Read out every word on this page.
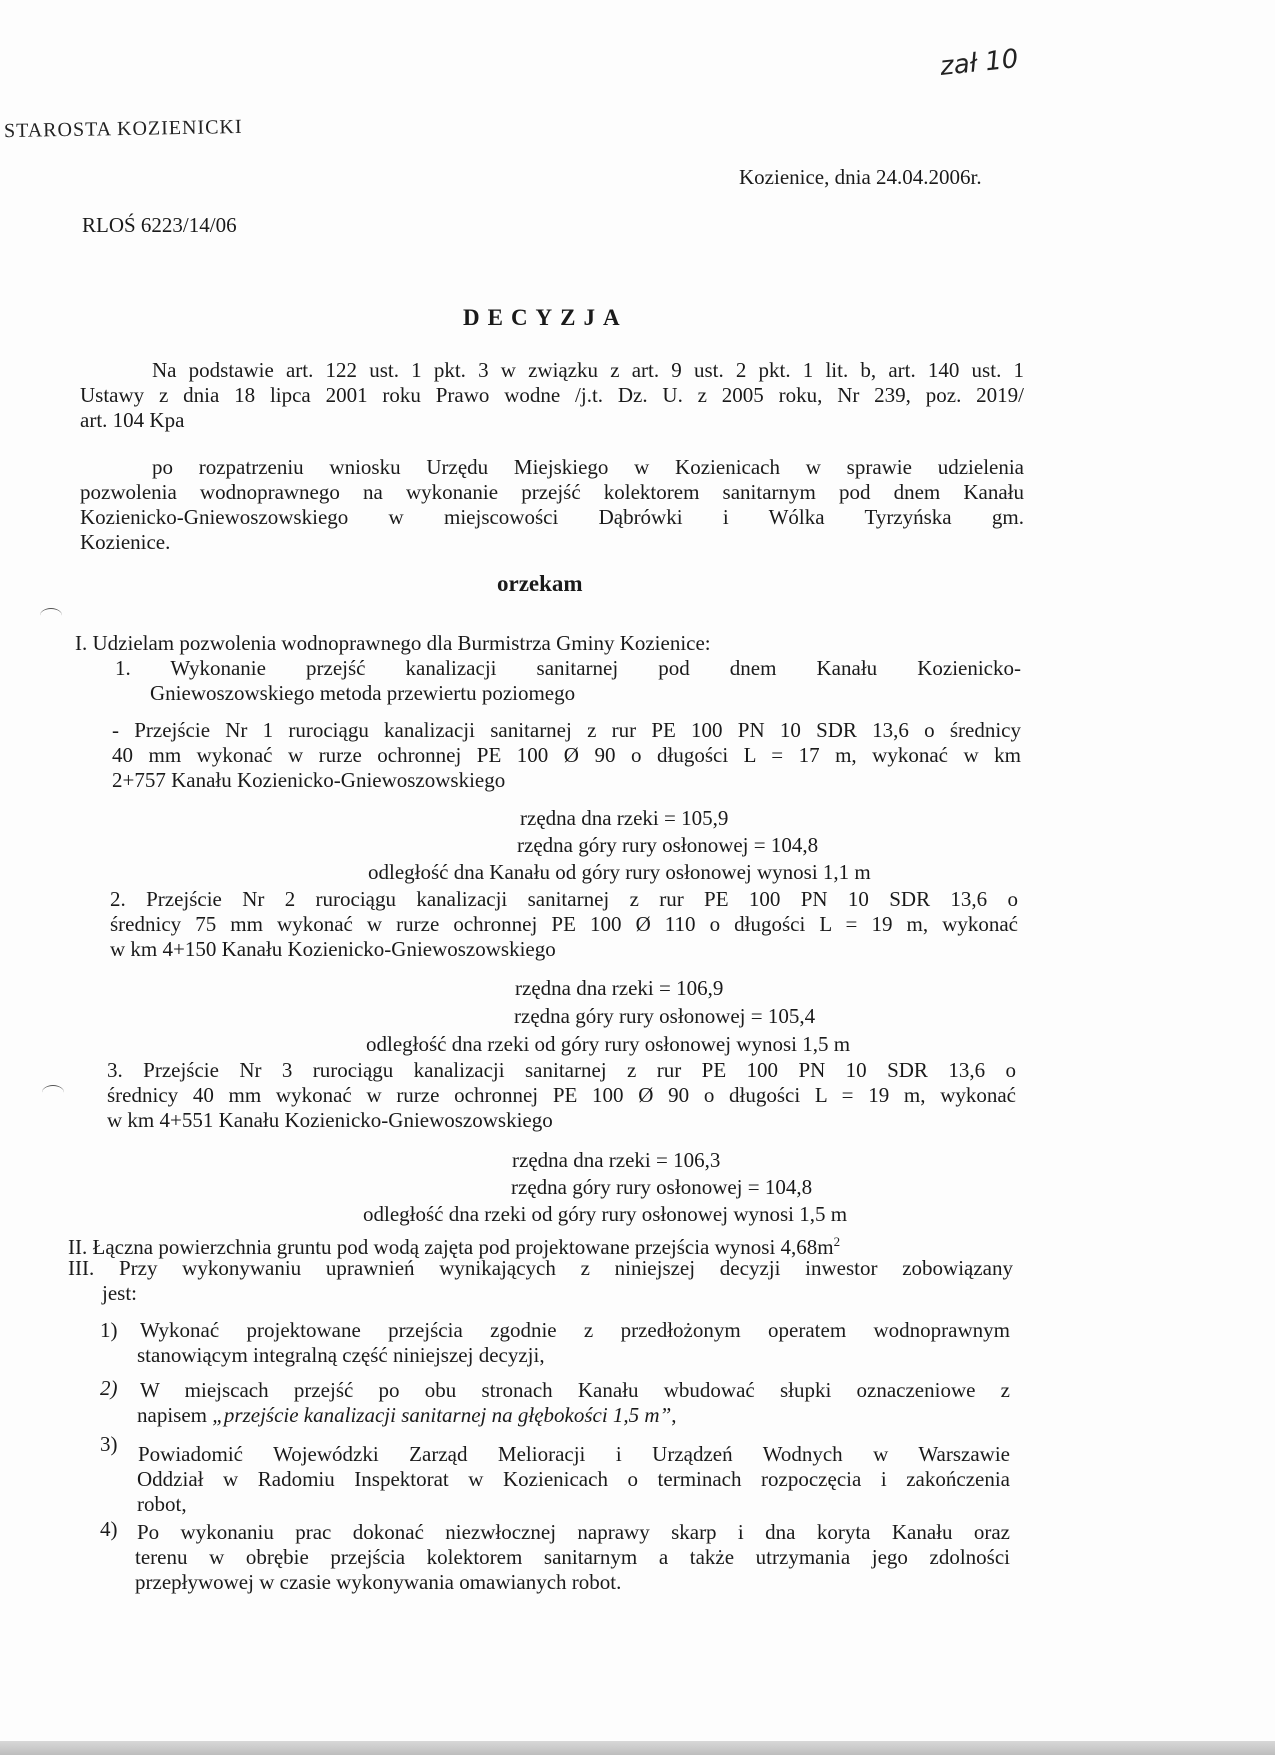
STAROSTA KOZIENICKI
zał 10
Kozienice, dnia 24.04.2006r.
RLOŚ 6223/14/06
DECYZJA
Na podstawie art. 122 ust. 1 pkt. 3 w związku z art. 9 ust. 2 pkt. 1 lit. b, art. 140 ust. 1
Ustawy z dnia 18 lipca 2001 roku Prawo wodne /j.t. Dz. U. z 2005 roku, Nr 239, poz. 2019/
art. 104 Kpa
po rozpatrzeniu wniosku Urzędu Miejskiego w Kozienicach w sprawie udzielenia
pozwolenia wodnoprawnego na wykonanie przejść kolektorem sanitarnym pod dnem Kanału
Kozienicko-Gniewoszowskiego w miejscowości Dąbrówki i Wólka Tyrzyńska gm.
Kozienice.
orzekam
I. Udzielam pozwolenia wodnoprawnego dla Burmistrza Gminy Kozienice:
1. Wykonanie przejść kanalizacji sanitarnej pod dnem Kanału Kozienicko-
Gniewoszowskiego metoda przewiertu poziomego
- Przejście Nr 1 rurociągu kanalizacji sanitarnej z rur PE 100 PN 10 SDR 13,6 o średnicy
40 mm wykonać w rurze ochronnej PE 100 Ø 90 o długości L = 17 m, wykonać w km
2+757 Kanału Kozienicko-Gniewoszowskiego
rzędna dna rzeki = 105,9
rzędna góry rury osłonowej = 104,8
odległość dna Kanału od góry rury osłonowej wynosi 1,1 m
2. Przejście Nr 2 rurociągu kanalizacji sanitarnej z rur PE 100 PN 10 SDR 13,6 o
średnicy 75 mm wykonać w rurze ochronnej PE 100 Ø 110 o długości L = 19 m, wykonać
w km 4+150 Kanału Kozienicko-Gniewoszowskiego
rzędna dna rzeki = 106,9
rzędna góry rury osłonowej = 105,4
odległość dna rzeki od góry rury osłonowej wynosi 1,5 m
3. Przejście Nr 3 rurociągu kanalizacji sanitarnej z rur PE 100 PN 10 SDR 13,6 o
średnicy 40 mm wykonać w rurze ochronnej PE 100 Ø 90 o długości L = 19 m, wykonać
w km 4+551 Kanału Kozienicko-Gniewoszowskiego
rzędna dna rzeki = 106,3
rzędna góry rury osłonowej = 104,8
odległość dna rzeki od góry rury osłonowej wynosi 1,5 m
II. Łączna powierzchnia gruntu pod wodą zajęta pod projektowane przejścia wynosi $4,68m^2$
III. Przy wykonywaniu uprawnień wynikających z niniejszej decyzji inwestor zobowiązany
jest:
1) Wykonać projektowane przejścia zgodnie z przedłożonym operatem wodnoprawnym
stanowiącym integralną część niniejszej decyzji,
2) W miejscach przejść po obu stronach Kanału wbudować słupki oznaczeniowe z
napisem „przejście kanalizacji sanitarnej na głębokości 1,5 m”,
3) Powiadomić Wojewódzki Zarząd Melioracji i Urządzeń Wodnych w Warszawie
Oddział w Radomiu Inspektorat w Kozienicach o terminach rozpoczęcia i zakończenia
robot,
4) Po wykonaniu prac dokonać niezwłocznej naprawy skarp i dna koryta Kanału oraz
terenu w obrębie przejścia kolektorem sanitarnym a także utrzymania jego zdolności
przepływowej w czasie wykonywania omawianych robot.
